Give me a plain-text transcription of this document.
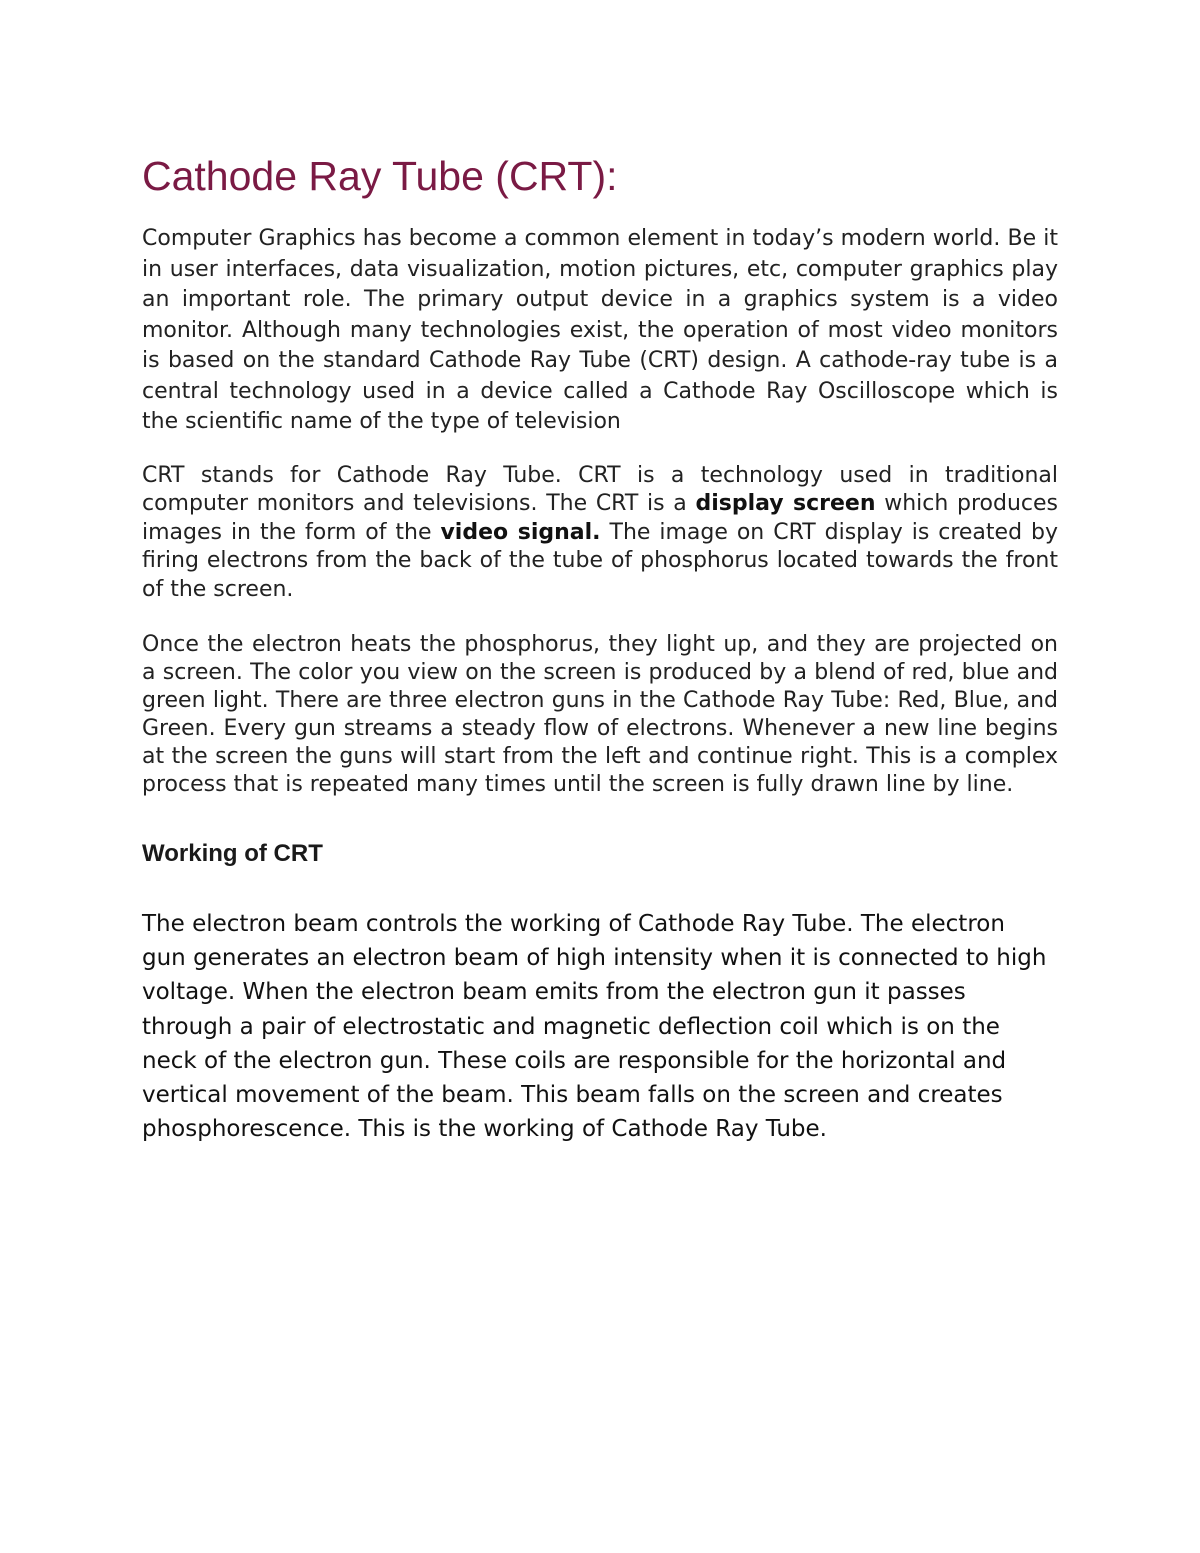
Cathode Ray Tube (CRT):

Computer Graphics has become a common element in today’s modern world. Be it in user interfaces, data visualization, motion pictures, etc, computer graphics play an important role. The primary output device in a graphics system is a video monitor. Although many technologies exist, the operation of most video monitors is based on the standard Cathode Ray Tube (CRT) design. A cathode-ray tube is a central technology used in a device called a Cathode Ray Oscilloscope which is the scientific name of the type of television

CRT stands for Cathode Ray Tube. CRT is a technology used in traditional computer monitors and televisions. The CRT is a display screen which produces images in the form of the video signal. The image on CRT display is created by firing electrons from the back of the tube of phosphorus located towards the front of the screen.

Once the electron heats the phosphorus, they light up, and they are projected on a screen. The color you view on the screen is produced by a blend of red, blue and green light. There are three electron guns in the Cathode Ray Tube: Red, Blue, and Green. Every gun streams a steady flow of electrons. Whenever a new line begins at the screen the guns will start from the left and continue right. This is a complex process that is repeated many times until the screen is fully drawn line by line.

Working of CRT

The electron beam controls the working of Cathode Ray Tube. The electron gun generates an electron beam of high intensity when it is connected to high voltage. When the electron beam emits from the electron gun it passes through a pair of electrostatic and magnetic deflection coil which is on the neck of the electron gun. These coils are responsible for the horizontal and vertical movement of the beam. This beam falls on the screen and creates phosphorescence. This is the working of Cathode Ray Tube.
